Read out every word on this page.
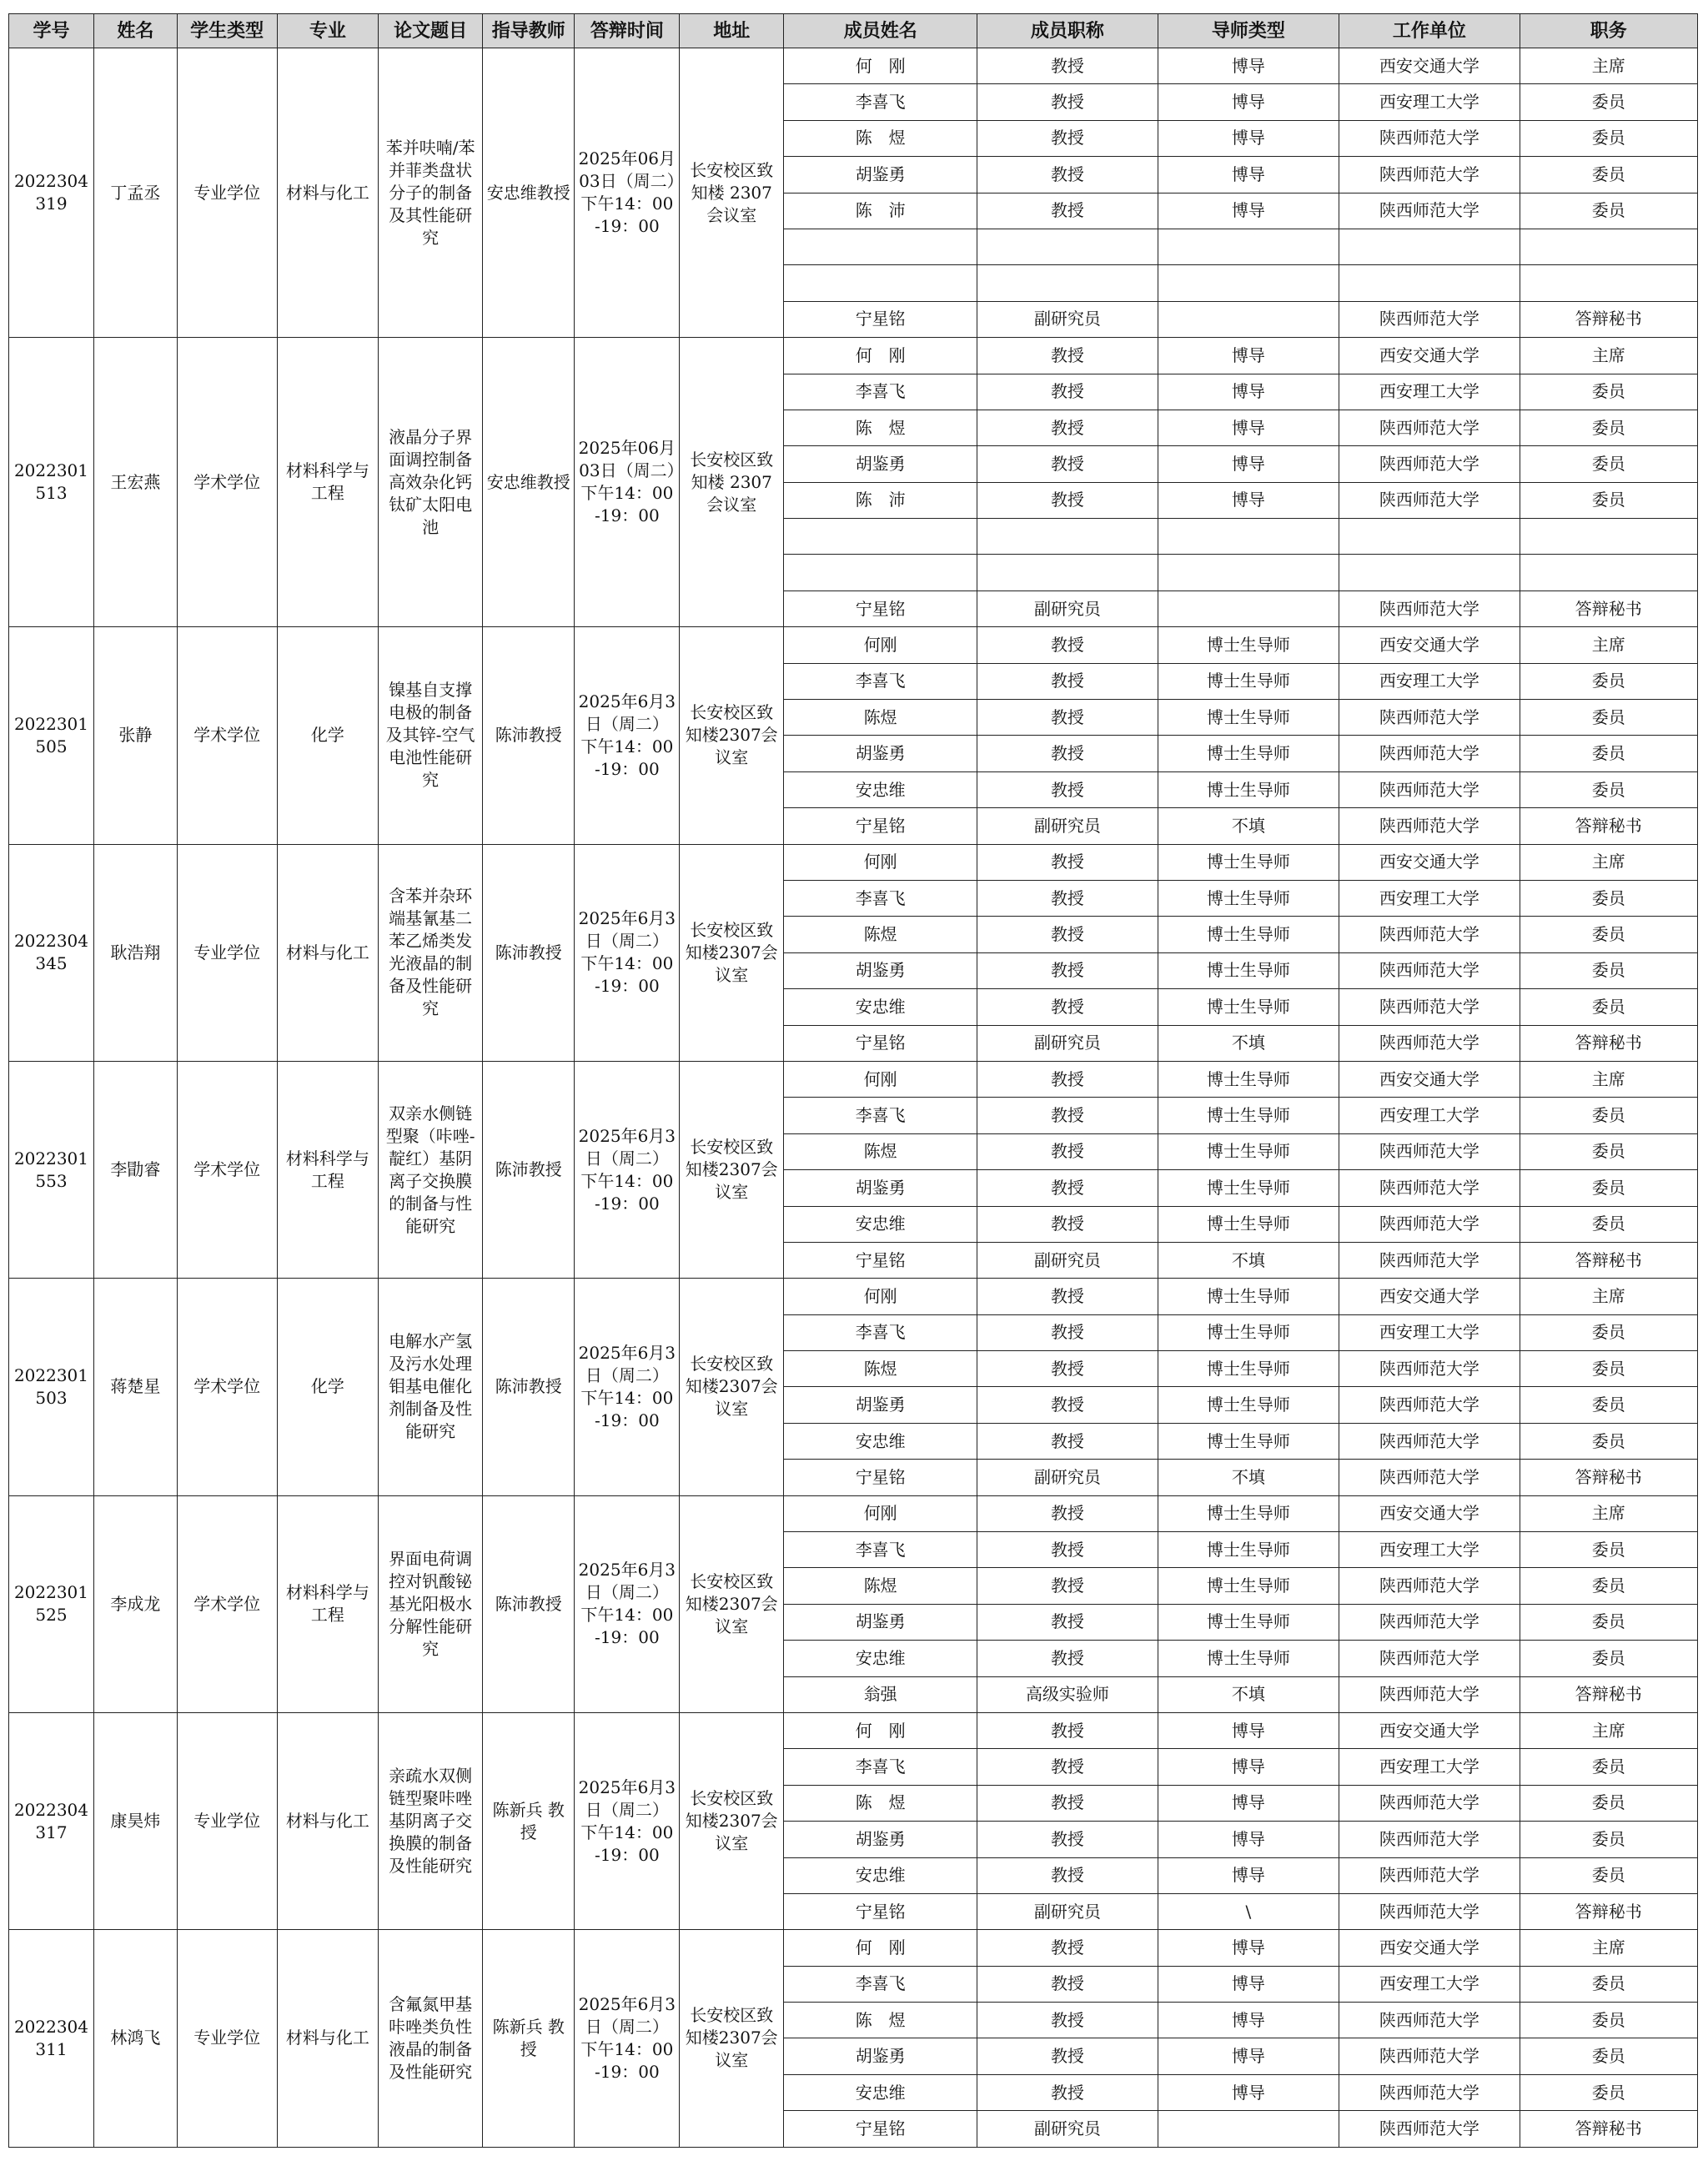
学号	姓名	学生类型	专业	论文题目	指导教师	答辩时间	地址	成员姓名	成员职称	导师类型	工作单位	职务
2022304319	丁孟丞	专业学位	材料与化工	苯并呋喃/苯并菲类盘状分子的制备及其性能研究	安忠维教授	2025年06月03日（周二）下午14：00-19：00	长安校区致知楼 2307会议室	何　刚	教授	博导	西安交通大学	主席
								李喜飞	教授	博导	西安理工大学	委员
								陈　煜	教授	博导	陕西师范大学	委员
								胡鉴勇	教授	博导	陕西师范大学	委员
								陈　沛	教授	博导	陕西师范大学	委员

								宁星铭	副研究员		陕西师范大学	答辩秘书
2022301513	王宏燕	学术学位	材料科学与工程	液晶分子界面调控制备高效杂化钙钛矿太阳电池	安忠维教授	2025年06月03日（周二）下午14：00-19：00	长安校区致知楼 2307会议室	何　刚	教授	博导	西安交通大学	主席
								李喜飞	教授	博导	西安理工大学	委员
								陈　煜	教授	博导	陕西师范大学	委员
								胡鉴勇	教授	博导	陕西师范大学	委员
								陈　沛	教授	博导	陕西师范大学	委员

								宁星铭	副研究员		陕西师范大学	答辩秘书
2022301505	张静	学术学位	化学	镍基自支撑电极的制备及其锌-空气电池性能研究	陈沛教授	2025年6月3日（周二）下午14：00-19：00	长安校区致知楼2307会议室	何刚	教授	博士生导师	西安交通大学	主席
								李喜飞	教授	博士生导师	西安理工大学	委员
								陈煜	教授	博士生导师	陕西师范大学	委员
								胡鉴勇	教授	博士生导师	陕西师范大学	委员
								安忠维	教授	博士生导师	陕西师范大学	委员
								宁星铭	副研究员	不填	陕西师范大学	答辩秘书
2022304345	耿浩翔	专业学位	材料与化工	含苯并杂环端基氰基二苯乙烯类发光液晶的制备及性能研究	陈沛教授	2025年6月3日（周二）下午14：00-19：00	长安校区致知楼2307会议室	何刚	教授	博士生导师	西安交通大学	主席
								李喜飞	教授	博士生导师	西安理工大学	委员
								陈煜	教授	博士生导师	陕西师范大学	委员
								胡鉴勇	教授	博士生导师	陕西师范大学	委员
								安忠维	教授	博士生导师	陕西师范大学	委员
								宁星铭	副研究员	不填	陕西师范大学	答辩秘书
2022301553	李勖睿	学术学位	材料科学与工程	双亲水侧链型聚（咔唑-靛红）基阴离子交换膜的制备与性能研究	陈沛教授	2025年6月3日（周二）下午14：00-19：00	长安校区致知楼2307会议室	何刚	教授	博士生导师	西安交通大学	主席
								李喜飞	教授	博士生导师	西安理工大学	委员
								陈煜	教授	博士生导师	陕西师范大学	委员
								胡鉴勇	教授	博士生导师	陕西师范大学	委员
								安忠维	教授	博士生导师	陕西师范大学	委员
								宁星铭	副研究员	不填	陕西师范大学	答辩秘书
2022301503	蒋楚星	学术学位	化学	电解水产氢及污水处理钼基电催化剂制备及性能研究	陈沛教授	2025年6月3日（周二）下午14：00-19：00	长安校区致知楼2307会议室	何刚	教授	博士生导师	西安交通大学	主席
								李喜飞	教授	博士生导师	西安理工大学	委员
								陈煜	教授	博士生导师	陕西师范大学	委员
								胡鉴勇	教授	博士生导师	陕西师范大学	委员
								安忠维	教授	博士生导师	陕西师范大学	委员
								宁星铭	副研究员	不填	陕西师范大学	答辩秘书
2022301525	李成龙	学术学位	材料科学与工程	界面电荷调控对钒酸铋基光阳极水分解性能研究	陈沛教授	2025年6月3日（周二）下午14：00-19：00	长安校区致知楼2307会议室	何刚	教授	博士生导师	西安交通大学	主席
								李喜飞	教授	博士生导师	西安理工大学	委员
								陈煜	教授	博士生导师	陕西师范大学	委员
								胡鉴勇	教授	博士生导师	陕西师范大学	委员
								安忠维	教授	博士生导师	陕西师范大学	委员
								翁强	高级实验师	不填	陕西师范大学	答辩秘书
2022304317	康昊炜	专业学位	材料与化工	亲疏水双侧链型聚咔唑基阴离子交换膜的制备及性能研究	陈新兵 教授	2025年6月3日（周二）下午14：00-19：00	长安校区致知楼2307会议室	何　刚	教授	博导	西安交通大学	主席
								李喜飞	教授	博导	西安理工大学	委员
								陈　煜	教授	博导	陕西师范大学	委员
								胡鉴勇	教授	博导	陕西师范大学	委员
								安忠维	教授	博导	陕西师范大学	委员
								宁星铭	副研究员	\	陕西师范大学	答辩秘书
2022304311	林鸿飞	专业学位	材料与化工	含氟氮甲基咔唑类负性液晶的制备及性能研究	陈新兵 教授	2025年6月3日（周二）下午14：00-19：00	长安校区致知楼2307会议室	何　刚	教授	博导	西安交通大学	主席
								李喜飞	教授	博导	西安理工大学	委员
								陈　煜	教授	博导	陕西师范大学	委员
								胡鉴勇	教授	博导	陕西师范大学	委员
								安忠维	教授	博导	陕西师范大学	委员
								宁星铭	副研究员		陕西师范大学	答辩秘书
